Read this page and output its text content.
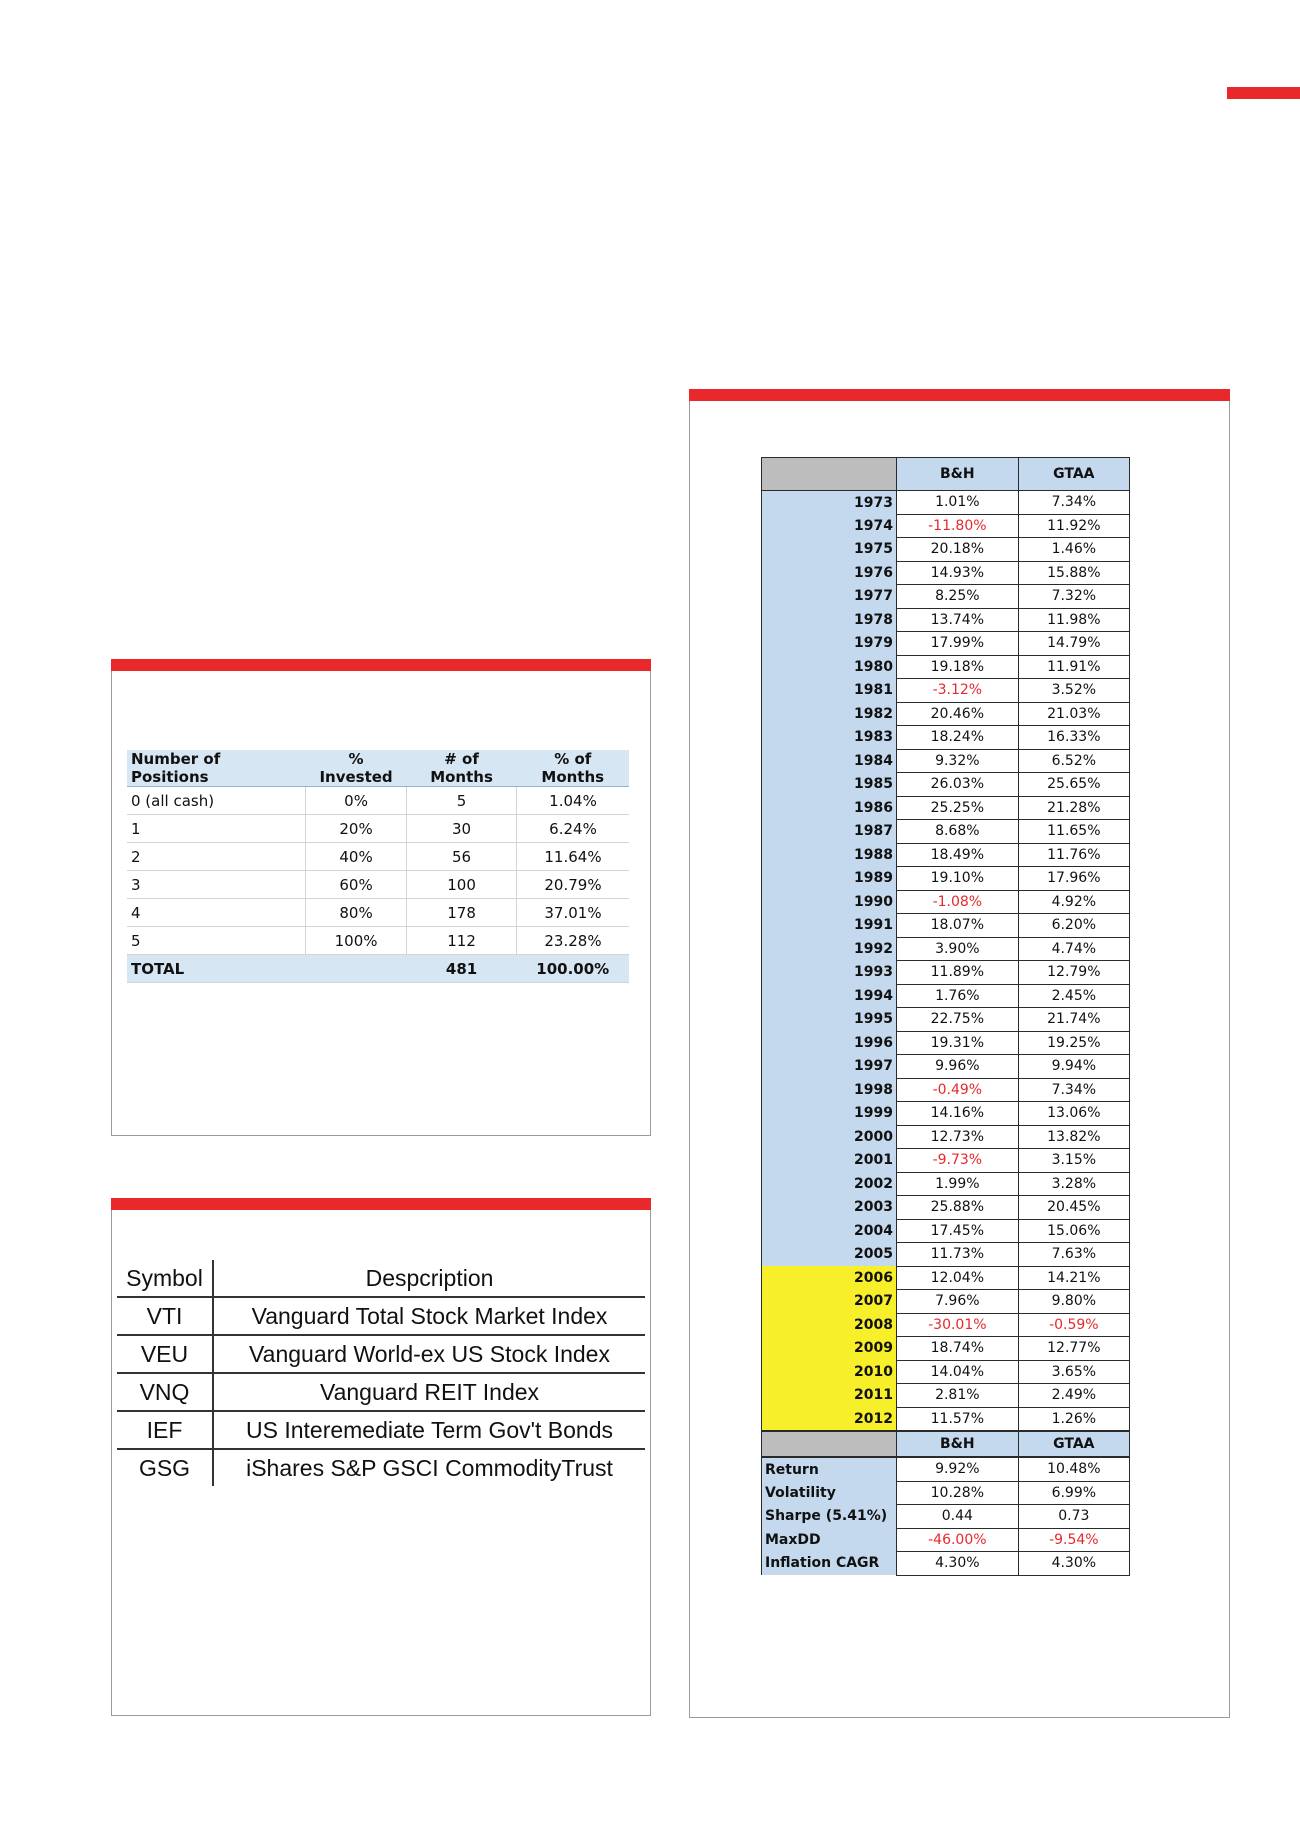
Number of Positions	% Invested	# of Months	% of Months
0 (all cash)	0%	5	1.04%
1	20%	30	6.24%
2	40%	56	11.64%
3	60%	100	20.79%
4	80%	178	37.01%
5	100%	112	23.28%
TOTAL		481	100.00%
Symbol	Despcription
VTI	Vanguard Total Stock Market Index
VEU	Vanguard World-ex US Stock Index
VNQ	Vanguard REIT Index
IEF	US Interemediate Term Gov't Bonds
GSG	iShares S&P GSCI CommodityTrust
	B&H	GTAA
1973	1.01%	7.34%
1974	-11.80%	11.92%
1975	20.18%	1.46%
1976	14.93%	15.88%
1977	8.25%	7.32%
1978	13.74%	11.98%
1979	17.99%	14.79%
1980	19.18%	11.91%
1981	-3.12%	3.52%
1982	20.46%	21.03%
1983	18.24%	16.33%
1984	9.32%	6.52%
1985	26.03%	25.65%
1986	25.25%	21.28%
1987	8.68%	11.65%
1988	18.49%	11.76%
1989	19.10%	17.96%
1990	-1.08%	4.92%
1991	18.07%	6.20%
1992	3.90%	4.74%
1993	11.89%	12.79%
1994	1.76%	2.45%
1995	22.75%	21.74%
1996	19.31%	19.25%
1997	9.96%	9.94%
1998	-0.49%	7.34%
1999	14.16%	13.06%
2000	12.73%	13.82%
2001	-9.73%	3.15%
2002	1.99%	3.28%
2003	25.88%	20.45%
2004	17.45%	15.06%
2005	11.73%	7.63%
2006	12.04%	14.21%
2007	7.96%	9.80%
2008	-30.01%	-0.59%
2009	18.74%	12.77%
2010	14.04%	3.65%
2011	2.81%	2.49%
2012	11.57%	1.26%
	B&H	GTAA
Return	9.92%	10.48%
Volatility	10.28%	6.99%
Sharpe (5.41%)	0.44	0.73
MaxDD	-46.00%	-9.54%
Inflation CAGR	4.30%	4.30%
